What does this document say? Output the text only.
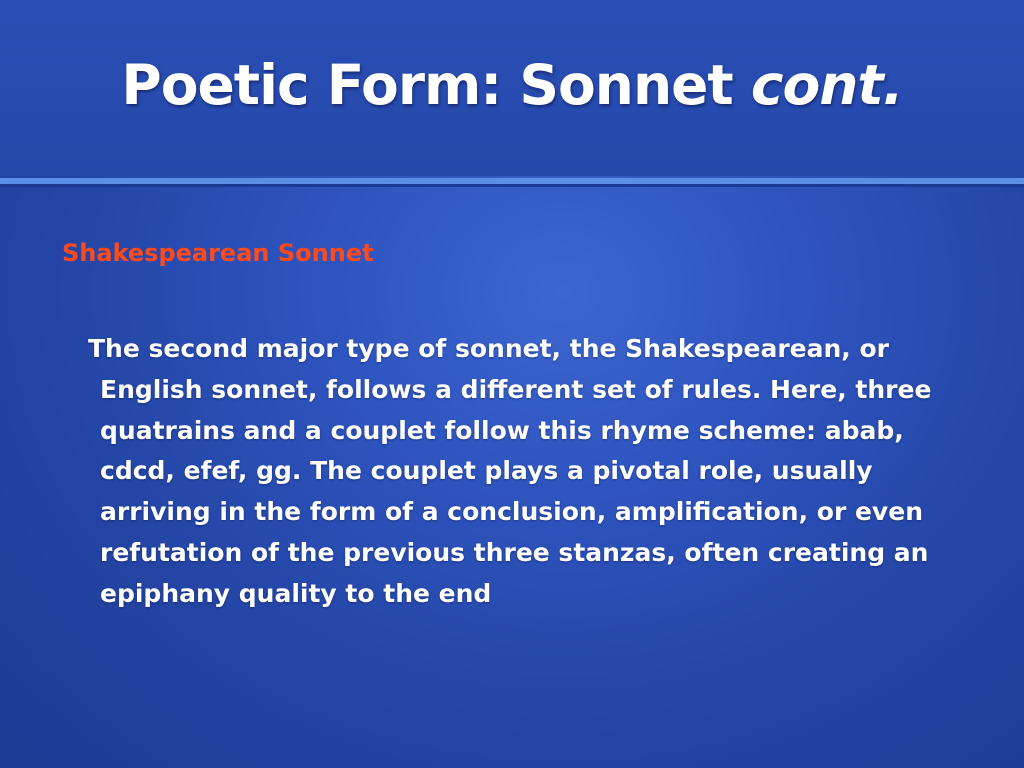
Poetic Form: Sonnet cont.
Shakespearean Sonnet

The second major type of sonnet, the Shakespearean, or English sonnet, follows a different set of rules. Here, three quatrains and a couplet follow this rhyme scheme: abab, cdcd, efef, gg. The couplet plays a pivotal role, usually arriving in the form of a conclusion, amplification, or even refutation of the previous three stanzas, often creating an epiphany quality to the end
